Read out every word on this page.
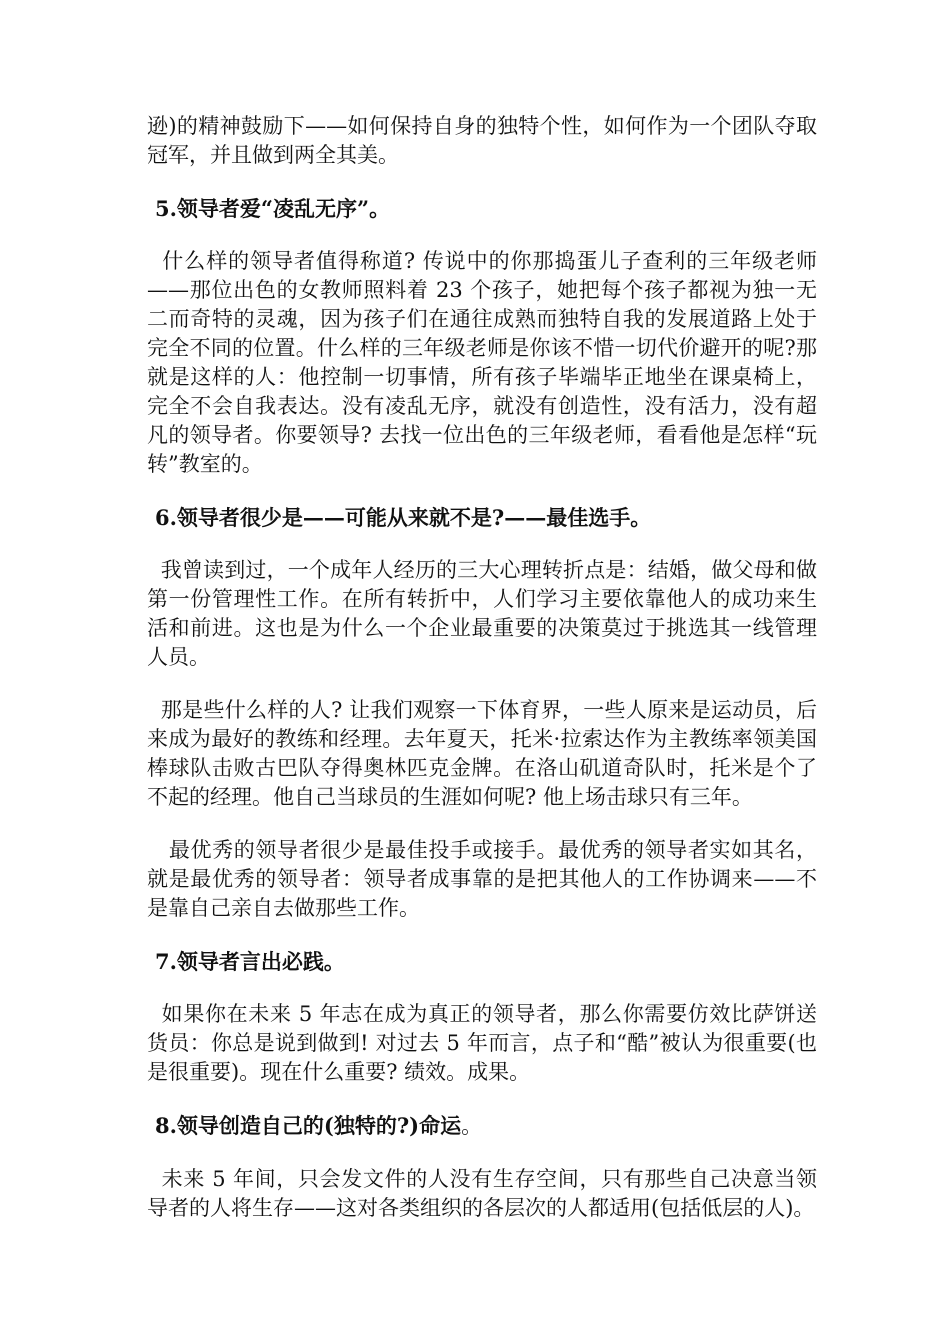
逊)的精神鼓励下——如何保持自身的独特个性，如何作为一个团队夺取冠军，并且做到两全其美。

5.领导者爱“凌乱无序”。

什么样的领导者值得称道? 传说中的你那捣蛋儿子查利的三年级老师——那位出色的女教师照料着 23 个孩子，她把每个孩子都视为独一无二而奇特的灵魂，因为孩子们在通往成熟而独特自我的发展道路上处于完全不同的位置。什么样的三年级老师是你该不惜一切代价避开的呢?那就是这样的人：他控制一切事情，所有孩子毕端毕正地坐在课桌椅上，完全不会自我表达。没有凌乱无序，就没有创造性，没有活力，没有超凡的领导者。你要领导? 去找一位出色的三年级老师，看看他是怎样“玩转”教室的。

6.领导者很少是——可能从来就不是?——最佳选手。

我曾读到过，一个成年人经历的三大心理转折点是：结婚，做父母和做第一份管理性工作。在所有转折中，人们学习主要依靠他人的成功来生活和前进。这也是为什么一个企业最重要的决策莫过于挑选其一线管理人员。

那是些什么样的人? 让我们观察一下体育界，一些人原来是运动员，后来成为最好的教练和经理。去年夏天，托米·拉索达作为主教练率领美国棒球队击败古巴队夺得奥林匹克金牌。在洛山矶道奇队时，托米是个了不起的经理。他自己当球员的生涯如何呢? 他上场击球只有三年。

最优秀的领导者很少是最佳投手或接手。最优秀的领导者实如其名，就是最优秀的领导者：领导者成事靠的是把其他人的工作协调来——不是靠自己亲自去做那些工作。

7.领导者言出必践。

如果你在未来 5 年志在成为真正的领导者，那么你需要仿效比萨饼送货员：你总是说到做到! 对过去 5 年而言，点子和“酷”被认为很重要(也是很重要)。现在什么重要? 绩效。成果。

8.领导创造自己的(独特的?)命运。

未来 5 年间，只会发文件的人没有生存空间，只有那些自己决意当领导者的人将生存——这对各类组织的各层次的人都适用(包括低层的人)。
